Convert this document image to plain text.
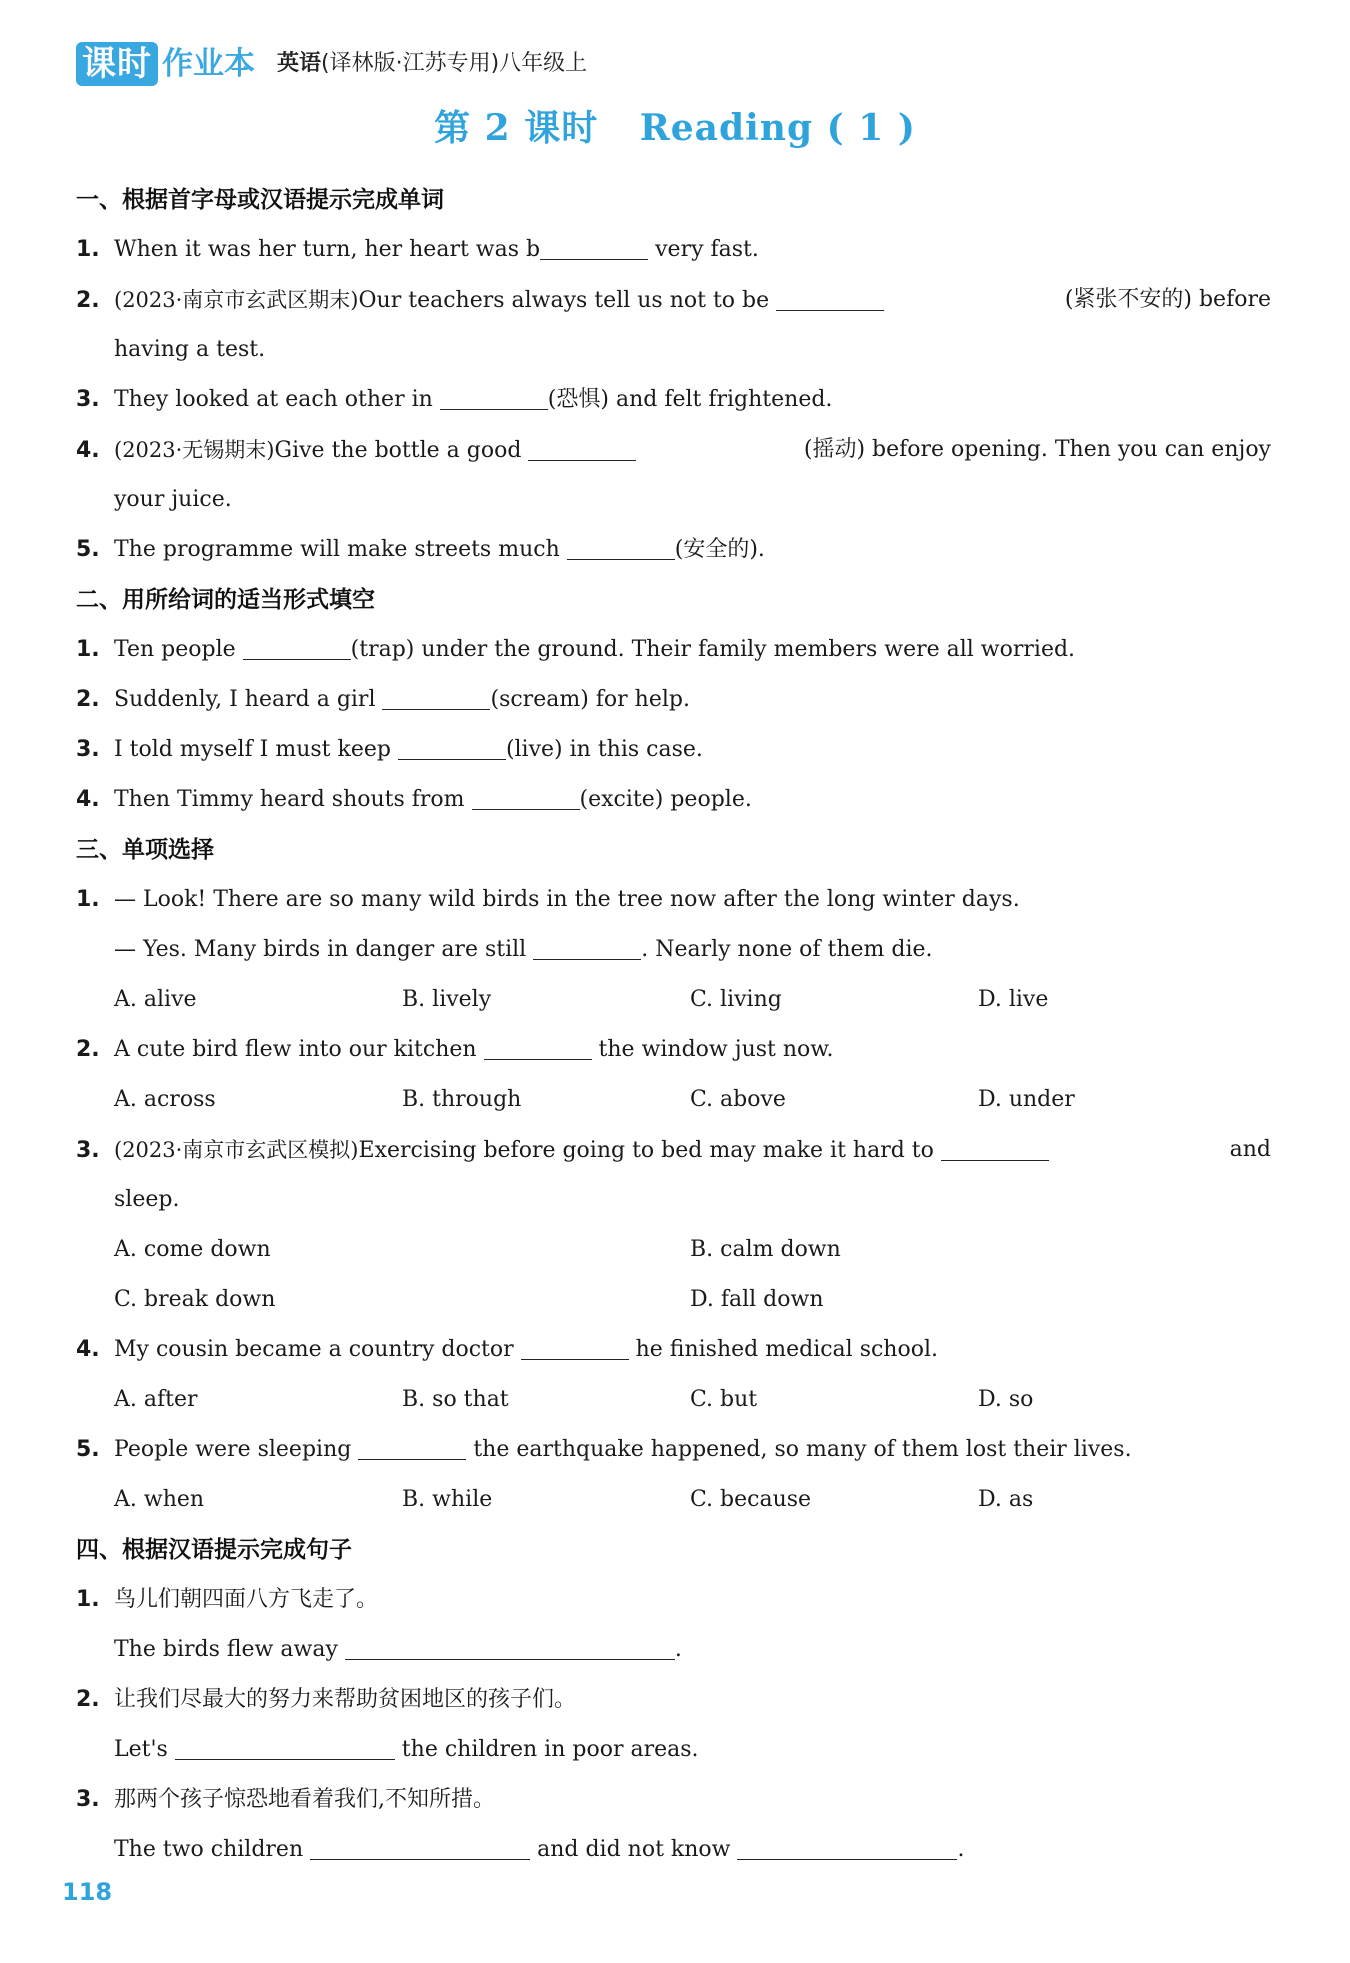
课时 作业本 英语(译林版·江苏专用)八年级上
第 2 课时 Reading ( 1 )
一、根据首字母或汉语提示完成单词
1. When it was her turn, her heart was b	very fast.
2. (2023·南京市玄武区期末)Our teachers always tell us not to be	(紧张不安的) before
having a test.
3. They looked at each other in	(恐惧) and felt frightened.
4. (2023·无锡期末)Give the bottle a good	(摇动) before opening. Then you can enjoy
your juice.
5. The programme will make streets much	(安全的).
二、用所给词的适当形式填空
1. Ten people	(trap) under the ground. Their family members were all worried.
2. Suddenly, I heard a girl	(scream) for help.
3. I told myself I must keep	(live) in this case.
4. Then Timmy heard shouts from	(excite) people.
三、单项选择
1. — Look! There are so many wild birds in the tree now after the long winter days.
— Yes. Many birds in danger are still	. Nearly none of them die.
A. alive	B. lively	C. living	D. live
2. A cute bird flew into our kitchen	the window just now.
A. across	B. through	C. above	D. under
3. (2023·南京市玄武区模拟)Exercising before going to bed may make it hard to	and
sleep.
A. come down	B. calm down
C. break down	D. fall down
4. My cousin became a country doctor	he finished medical school.
A. after	B. so that	C. but	D. so
5. People were sleeping	the earthquake happened, so many of them lost their lives.
A. when	B. while	C. because	D. as
四、根据汉语提示完成句子
1. 鸟儿们朝四面八方飞走了。
The birds flew away	.
2. 让我们尽最大的努力来帮助贫困地区的孩子们。
Let's	the children in poor areas.
3. 那两个孩子惊恐地看着我们,不知所措。
The two children	and did not know	.
118
